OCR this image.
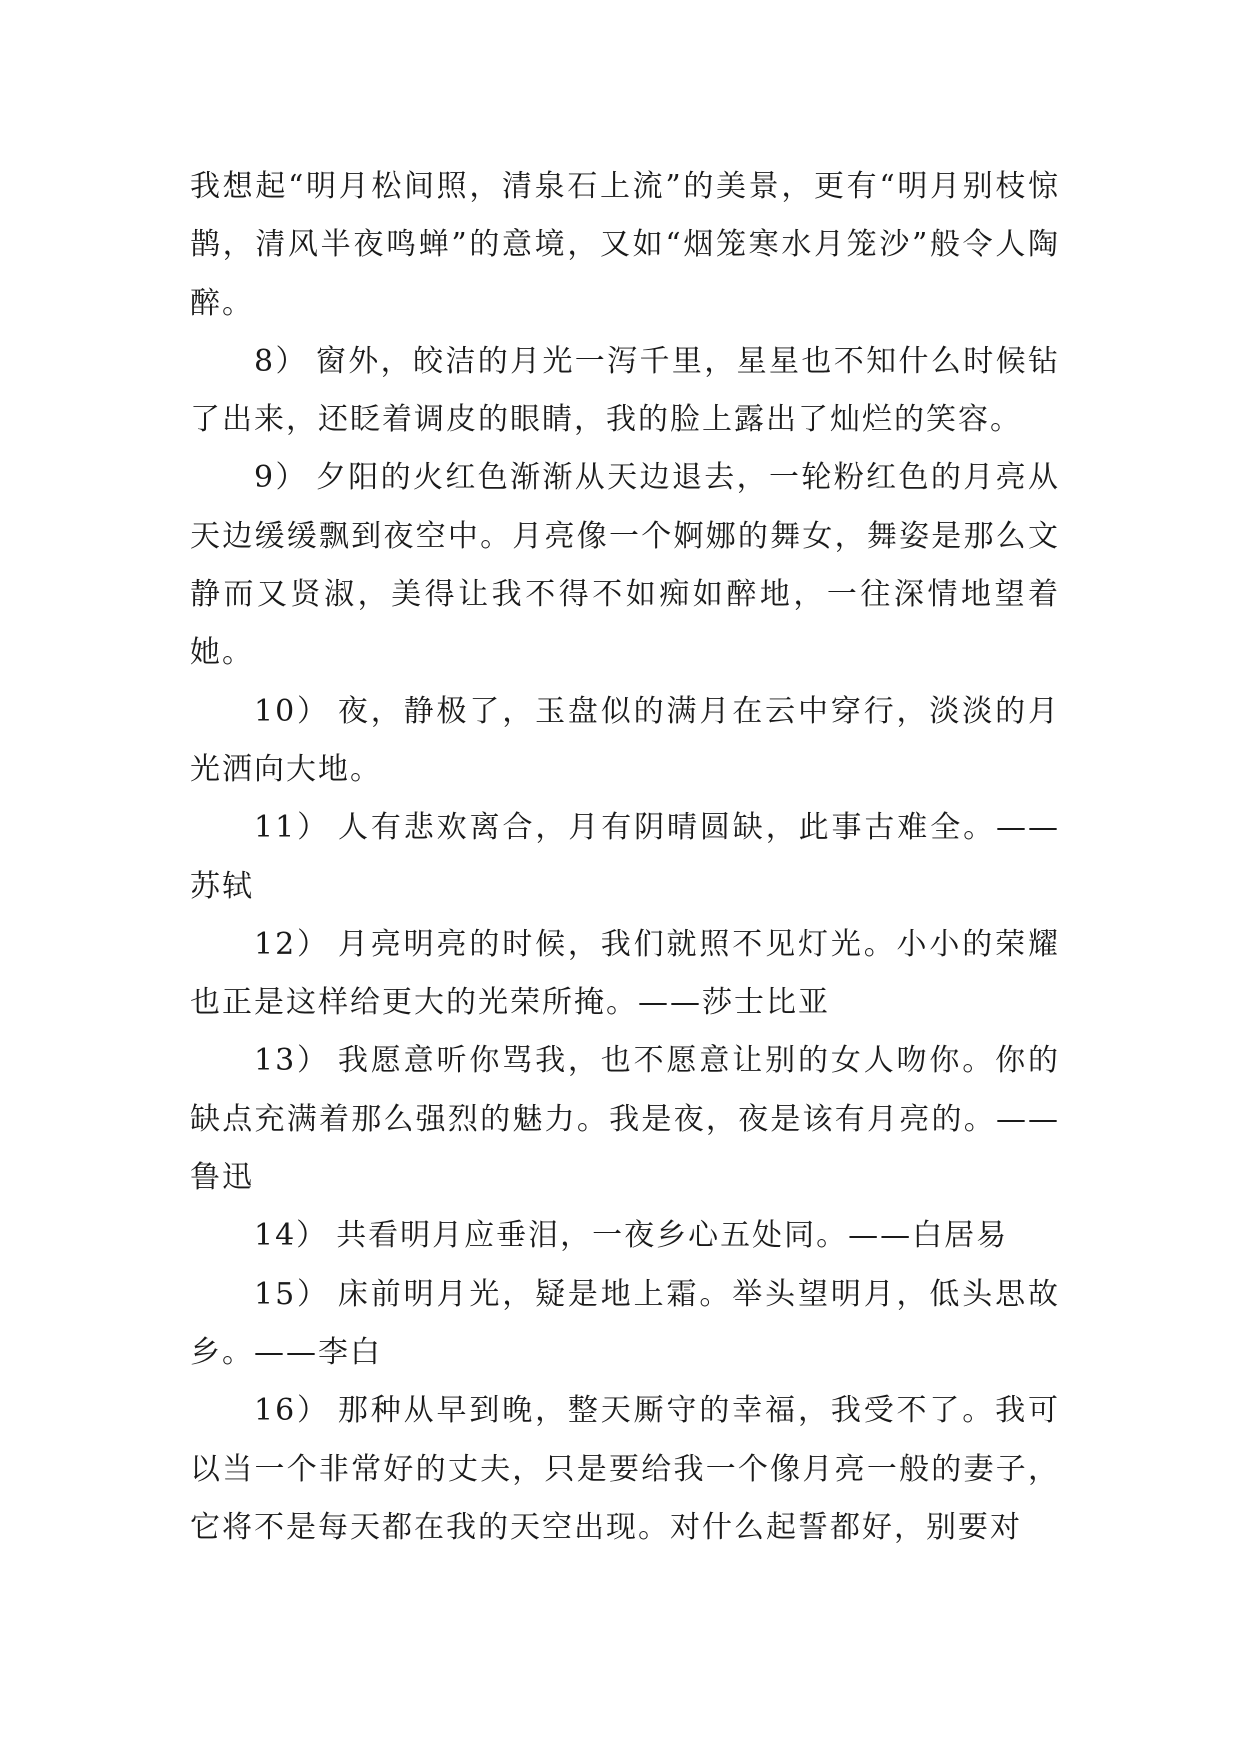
我想起“明月松间照，清泉石上流”的美景，更有“明月别枝惊鹊，清风半夜鸣蝉”的意境，又如“烟笼寒水月笼沙”般令人陶醉。

8） 窗外，皎洁的月光一泻千里，星星也不知什么时候钻了出来，还眨着调皮的眼睛，我的脸上露出了灿烂的笑容。

9） 夕阳的火红色渐渐从天边退去，一轮粉红色的月亮从天边缓缓飘到夜空中。月亮像一个婀娜的舞女，舞姿是那么文静而又贤淑，美得让我不得不如痴如醉地，一往深情地望着她。

10） 夜，静极了，玉盘似的满月在云中穿行，淡淡的月光洒向大地。

11） 人有悲欢离合，月有阴晴圆缺，此事古难全。——苏轼

12） 月亮明亮的时候，我们就照不见灯光。小小的荣耀也正是这样给更大的光荣所掩。——莎士比亚

13） 我愿意听你骂我，也不愿意让别的女人吻你。你的缺点充满着那么强烈的魅力。我是夜，夜是该有月亮的。——鲁迅

14） 共看明月应垂泪，一夜乡心五处同。——白居易

15） 床前明月光，疑是地上霜。举头望明月，低头思故乡。——李白

16） 那种从早到晚，整天厮守的幸福，我受不了。我可以当一个非常好的丈夫，只是要给我一个像月亮一般的妻子，它将不是每天都在我的天空出现。对什么起誓都好，别要对
